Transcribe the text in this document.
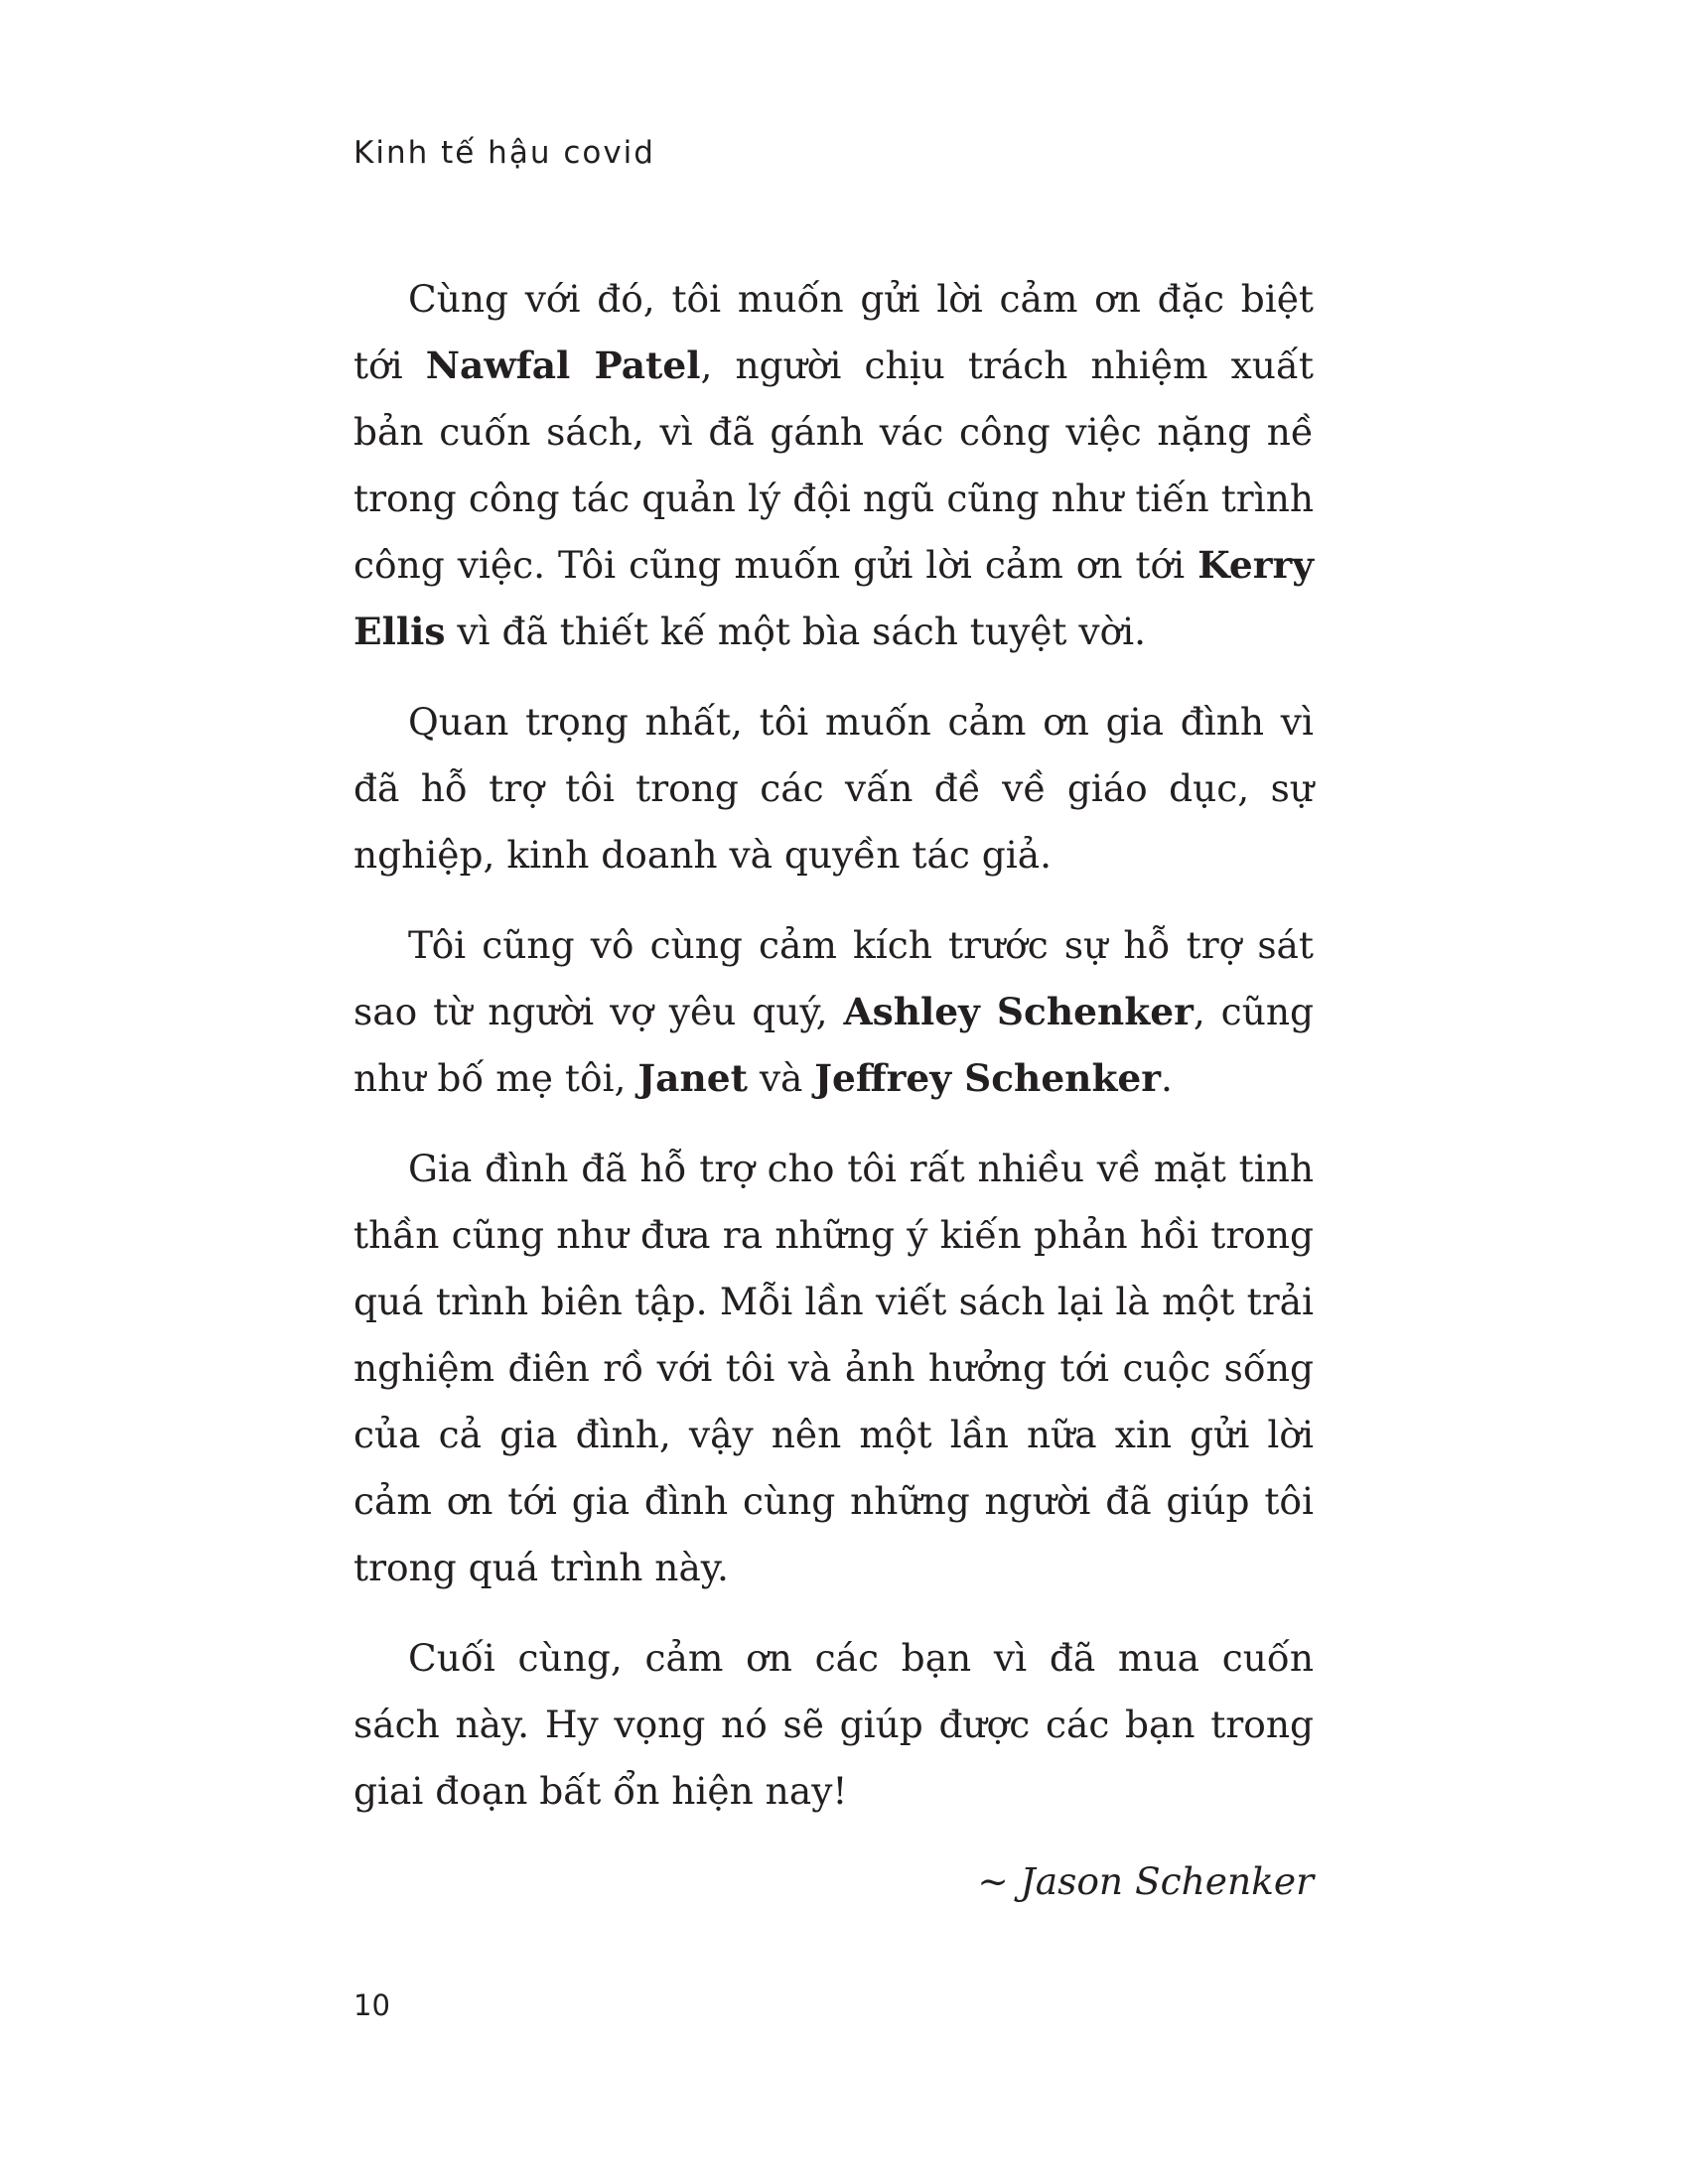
Kinh tế hậu covid

Cùng với đó, tôi muốn gửi lời cảm ơn đặc biệt tới Nawfal Patel, người chịu trách nhiệm xuất bản cuốn sách, vì đã gánh vác công việc nặng nề trong công tác quản lý đội ngũ cũng như tiến trình công việc. Tôi cũng muốn gửi lời cảm ơn tới Kerry Ellis vì đã thiết kế một bìa sách tuyệt vời.

Quan trọng nhất, tôi muốn cảm ơn gia đình vì đã hỗ trợ tôi trong các vấn đề về giáo dục, sự nghiệp, kinh doanh và quyền tác giả.

Tôi cũng vô cùng cảm kích trước sự hỗ trợ sát sao từ người vợ yêu quý, Ashley Schenker, cũng như bố mẹ tôi, Janet và Jeffrey Schenker.

Gia đình đã hỗ trợ cho tôi rất nhiều về mặt tinh thần cũng như đưa ra những ý kiến phản hồi trong quá trình biên tập. Mỗi lần viết sách lại là một trải nghiệm điên rồ với tôi và ảnh hưởng tới cuộc sống của cả gia đình, vậy nên một lần nữa xin gửi lời cảm ơn tới gia đình cùng những người đã giúp tôi trong quá trình này.

Cuối cùng, cảm ơn các bạn vì đã mua cuốn sách này. Hy vọng nó sẽ giúp được các bạn trong giai đoạn bất ổn hiện nay!

~ Jason Schenker
10
